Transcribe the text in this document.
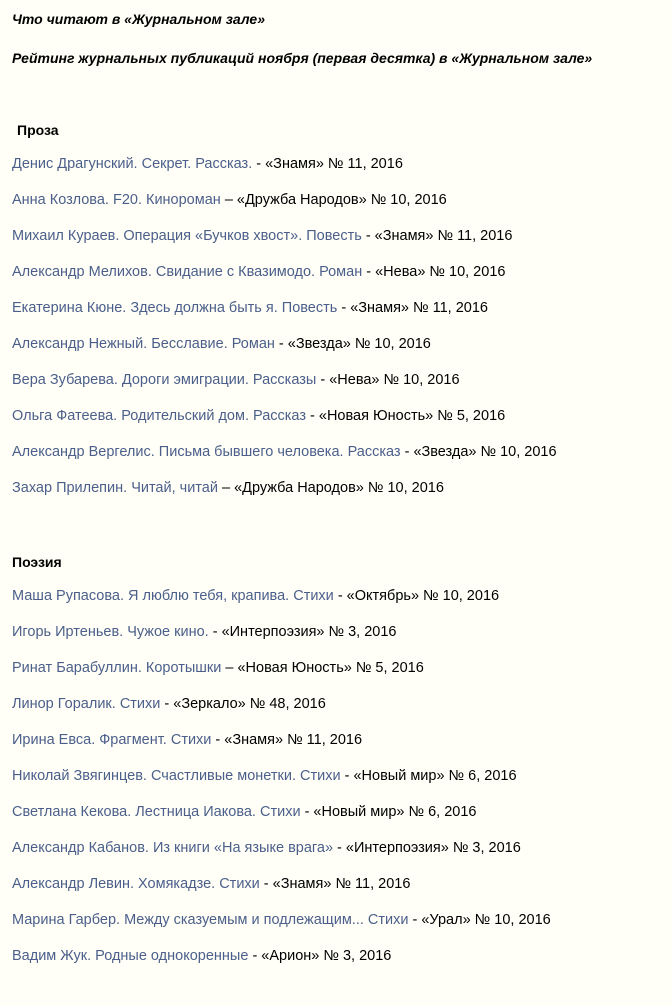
Что читают в «Журнальном зале»
Рейтинг журнальных публикаций ноября (первая десятка) в «Журнальном зале»
Проза
Денис Драгунский. Секрет. Рассказ. - «Знамя» № 11, 2016
Анна Козлова. F20. Кинороман – «Дружба Народов» № 10, 2016
Михаил Кураев. Операция «Бучков хвост». Повесть - «Знамя» № 11, 2016
Александр Мелихов. Свидание с Квазимодо. Роман - «Нева» № 10, 2016
Екатерина Кюне. Здесь должна быть я. Повесть - «Знамя» № 11, 2016
Александр Нежный. Бесславие. Роман - «Звезда» № 10, 2016
Вера Зубарева. Дороги эмиграции. Рассказы - «Нева» № 10, 2016
Ольга Фатеева. Родительский дом. Рассказ - «Новая Юность» № 5, 2016
Александр Вергелис. Письма бывшего человека. Рассказ - «Звезда» № 10, 2016
Захар Прилепин. Читай, читай – «Дружба Народов» № 10, 2016
Поэзия
Маша Рупасова. Я люблю тебя, крапива. Стихи - «Октябрь» № 10, 2016
Игорь Иртеньев. Чужое кино. - «Интерпоэзия» № 3, 2016
Ринат Барабуллин. Коротышки – «Новая Юность» № 5, 2016
Линор Горалик. Стихи - «Зеркало» № 48, 2016
Ирина Евса. Фрагмент. Стихи - «Знамя» № 11, 2016
Николай Звягинцев. Счастливые монетки. Стихи - «Новый мир» № 6, 2016
Светлана Кекова. Лестница Иакова. Стихи - «Новый мир» № 6, 2016
Александр Кабанов. Из книги «На языке врага» - «Интерпоэзия» № 3, 2016
Александр Левин. Хомякадзе. Стихи - «Знамя» № 11, 2016
Марина Гарбер. Между сказуемым и подлежащим... Стихи - «Урал» № 10, 2016
Вадим Жук. Родные однокоренные - «Арион» № 3, 2016
